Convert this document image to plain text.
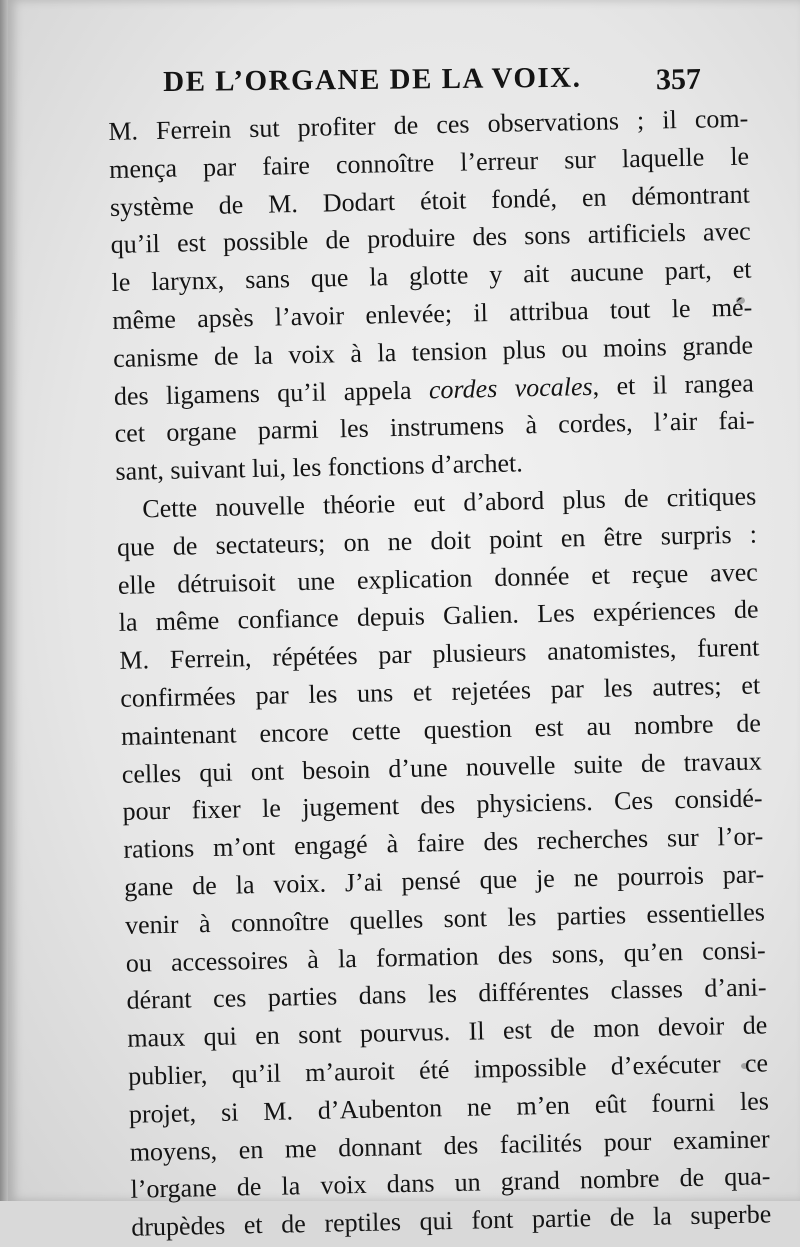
DE L’ORGANE DE LA VOIX.	357
M. Ferrein sut profiter de ces observations ; il com-
mença par faire connoître l’erreur sur laquelle le
système de M. Dodart étoit fondé, en démontrant
qu’il est possible de produire des sons artificiels avec
le larynx, sans que la glotte y ait aucune part, et
même apsès l’avoir enlevée; il attribua tout le mé-
canisme de la voix à la tension plus ou moins grande
des ligamens qu’il appela cordes vocales, et il rangea
cet organe parmi les instrumens à cordes, l’air fai-
sant, suivant lui, les fonctions d’archet.
Cette nouvelle théorie eut d’abord plus de critiques
que de sectateurs; on ne doit point en être surpris :
elle détruisoit une explication donnée et reçue avec
la même confiance depuis Galien. Les expériences de
M. Ferrein, répétées par plusieurs anatomistes, furent
confirmées par les uns et rejetées par les autres; et
maintenant encore cette question est au nombre de
celles qui ont besoin d’une nouvelle suite de travaux
pour fixer le jugement des physiciens. Ces considé-
rations m’ont engagé à faire des recherches sur l’or-
gane de la voix. J’ai pensé que je ne pourrois par-
venir à connoître quelles sont les parties essentielles
ou accessoires à la formation des sons, qu’en consi-
dérant ces parties dans les différentes classes d’ani-
maux qui en sont pourvus. Il est de mon devoir de
publier, qu’il m’auroit été impossible d’exécuter ce
projet, si M. d’Aubenton ne m’en eût fourni les
moyens, en me donnant des facilités pour examiner
l’organe de la voix dans un grand nombre de qua-
drupèdes et de reptiles qui font partie de la superbe
